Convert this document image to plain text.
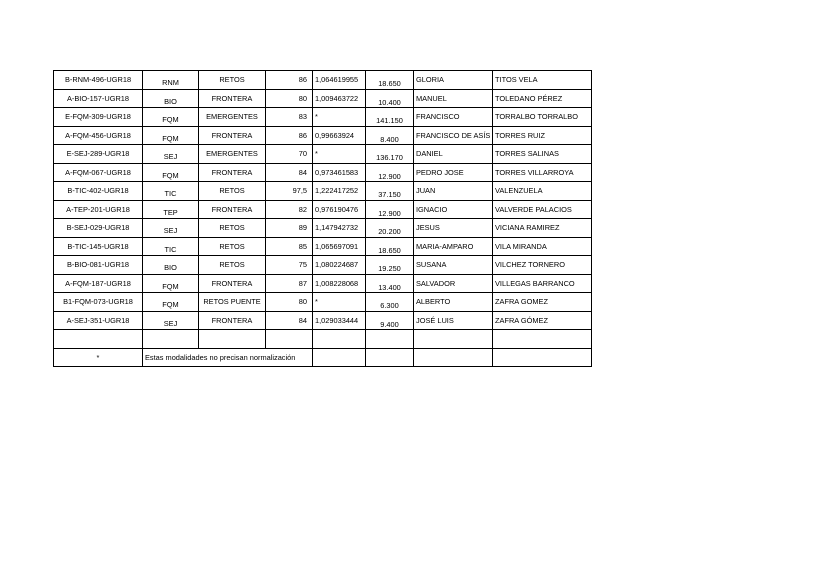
B-RNM-496-UGR18	RNM	RETOS	86	1,064619955	18.650	GLORIA	TITOS VELA
A-BIO-157-UGR18	BIO	FRONTERA	80	1,009463722	10.400	MANUEL	TOLEDANO PÉREZ
E-FQM-309-UGR18	FQM	EMERGENTES	83	*	141.150	FRANCISCO	TORRALBO TORRALBO
A-FQM-456-UGR18	FQM	FRONTERA	86	0,99663924	8.400	FRANCISCO DE ASÍS	TORRES RUIZ
E-SEJ-289-UGR18	SEJ	EMERGENTES	70	*	136.170	DANIEL	TORRES SALINAS
A-FQM-067-UGR18	FQM	FRONTERA	84	0,973461583	12.900	PEDRO JOSE	TORRES VILLARROYA
B-TIC-402-UGR18	TIC	RETOS	97,5	1,222417252	37.150	JUAN	VALENZUELA
A-TEP-201-UGR18	TEP	FRONTERA	82	0,976190476	12.900	IGNACIO	VALVERDE PALACIOS
B-SEJ-029-UGR18	SEJ	RETOS	89	1,147942732	20.200	JESUS	VICIANA RAMIREZ
B-TIC-145-UGR18	TIC	RETOS	85	1,065697091	18.650	MARIA-AMPARO	VILA MIRANDA
B-BIO-081-UGR18	BIO	RETOS	75	1,080224687	19.250	SUSANA	VILCHEZ TORNERO
A-FQM-187-UGR18	FQM	FRONTERA	87	1,008228068	13.400	SALVADOR	VILLEGAS BARRANCO
B1-FQM-073-UGR18	FQM	RETOS PUENTE	80	*	6.300	ALBERTO	ZAFRA GOMEZ
A-SEJ-351-UGR18	SEJ	FRONTERA	84	1,029033444	9.400	JOSÉ LUIS	ZAFRA GÓMEZ

*	Estas modalidades no precisan normalización						
